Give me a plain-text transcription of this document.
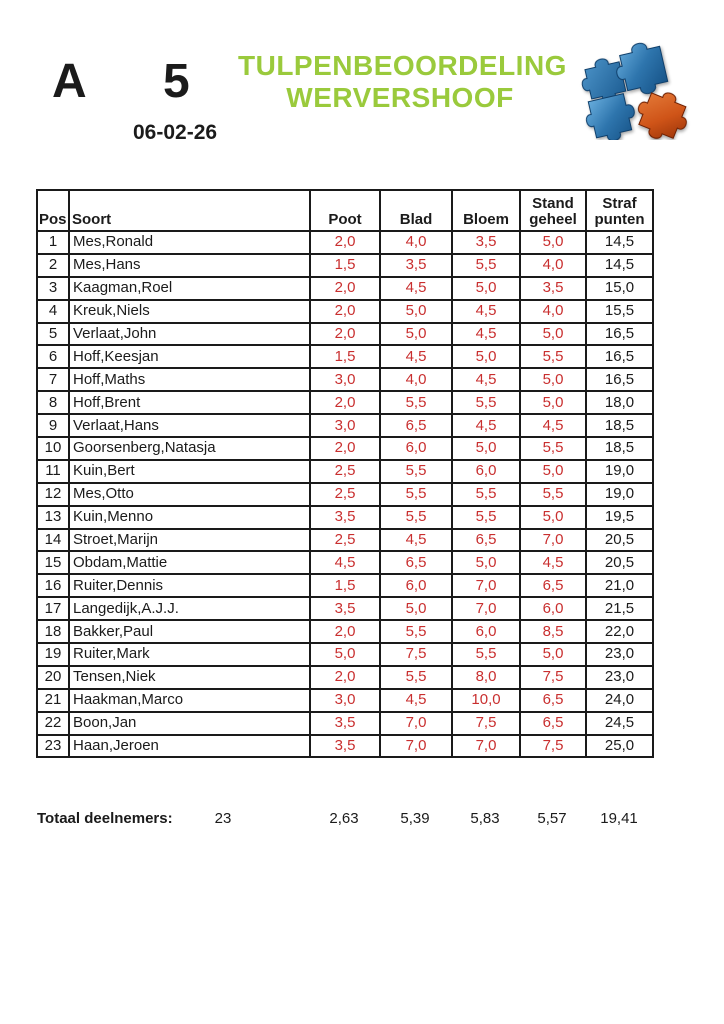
A 5
06-02-26
TULPENBEOORDELING
WERVERSHOOF
Pos	Soort	Poot	Blad	Bloem	Stand geheel	Straf punten
1	Mes,Ronald	2,0	4,0	3,5	5,0	14,5
2	Mes,Hans	1,5	3,5	5,5	4,0	14,5
3	Kaagman,Roel	2,0	4,5	5,0	3,5	15,0
4	Kreuk,Niels	2,0	5,0	4,5	4,0	15,5
5	Verlaat,John	2,0	5,0	4,5	5,0	16,5
6	Hoff,Keesjan	1,5	4,5	5,0	5,5	16,5
7	Hoff,Maths	3,0	4,0	4,5	5,0	16,5
8	Hoff,Brent	2,0	5,5	5,5	5,0	18,0
9	Verlaat,Hans	3,0	6,5	4,5	4,5	18,5
10	Goorsenberg,Natasja	2,0	6,0	5,0	5,5	18,5
11	Kuin,Bert	2,5	5,5	6,0	5,0	19,0
12	Mes,Otto	2,5	5,5	5,5	5,5	19,0
13	Kuin,Menno	3,5	5,5	5,5	5,0	19,5
14	Stroet,Marijn	2,5	4,5	6,5	7,0	20,5
15	Obdam,Mattie	4,5	6,5	5,0	4,5	20,5
16	Ruiter,Dennis	1,5	6,0	7,0	6,5	21,0
17	Langedijk,A.J.J.	3,5	5,0	7,0	6,0	21,5
18	Bakker,Paul	2,0	5,5	6,0	8,5	22,0
19	Ruiter,Mark	5,0	7,5	5,5	5,0	23,0
20	Tensen,Niek	2,0	5,5	8,0	7,5	23,0
21	Haakman,Marco	3,0	4,5	10,0	6,5	24,0
22	Boon,Jan	3,5	7,0	7,5	6,5	24,5
23	Haan,Jeroen	3,5	7,0	7,0	7,5	25,0
Totaal deelnemers:	23	2,63	5,39	5,83	5,57 19,41
